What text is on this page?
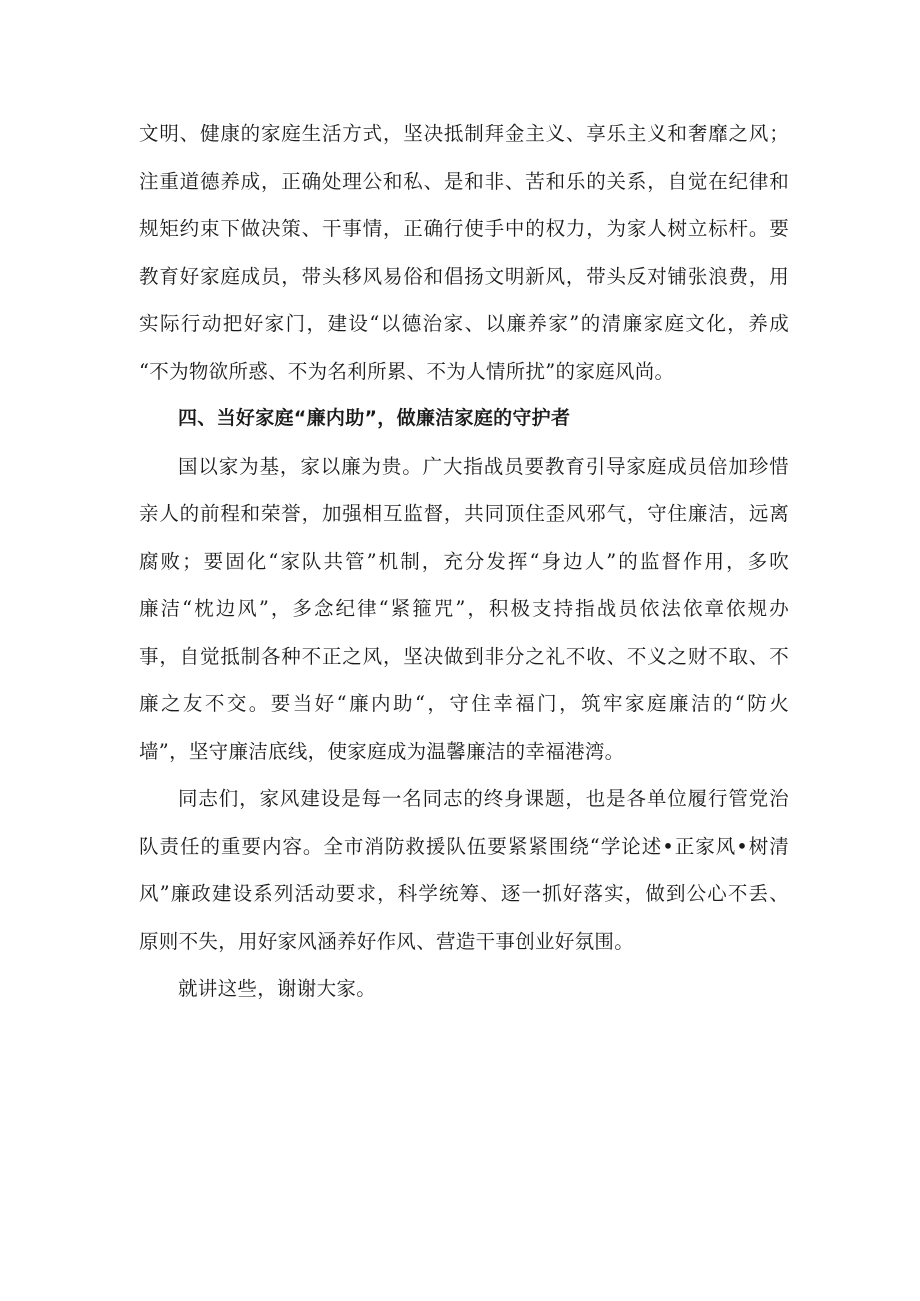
文明、健康的家庭生活方式，坚决抵制拜金主义、享乐主义和奢靡之风；
注重道德养成，正确处理公和私、是和非、苦和乐的关系，自觉在纪律和
规矩约束下做决策、干事情，正确行使手中的权力，为家人树立标杆。要
教育好家庭成员，带头移风易俗和倡扬文明新风，带头反对铺张浪费，用
实际行动把好家门，建设“以德治家、以廉养家”的清廉家庭文化，养成
“不为物欲所惑、不为名利所累、不为人情所扰”的家庭风尚。
四、当好家庭“廉内助”，做廉洁家庭的守护者
国以家为基，家以廉为贵。广大指战员要教育引导家庭成员倍加珍惜
亲人的前程和荣誉，加强相互监督，共同顶住歪风邪气，守住廉洁，远离
腐败；要固化“家队共管”机制，充分发挥“身边人”的监督作用，多吹
廉洁“枕边风”，多念纪律“紧箍咒”，积极支持指战员依法依章依规办
事，自觉抵制各种不正之风，坚决做到非分之礼不收、不义之财不取、不
廉之友不交。要当好“廉内助“，守住幸福门，筑牢家庭廉洁的“防火
墙”，坚守廉洁底线，使家庭成为温馨廉洁的幸福港湾。
同志们，家风建设是每一名同志的终身课题，也是各单位履行管党治
队责任的重要内容。全市消防救援队伍要紧紧围绕“学论述•正家风•树清
风”廉政建设系列活动要求，科学统筹、逐一抓好落实，做到公心不丢、
原则不失，用好家风涵养好作风、营造干事创业好氛围。
就讲这些，谢谢大家。
